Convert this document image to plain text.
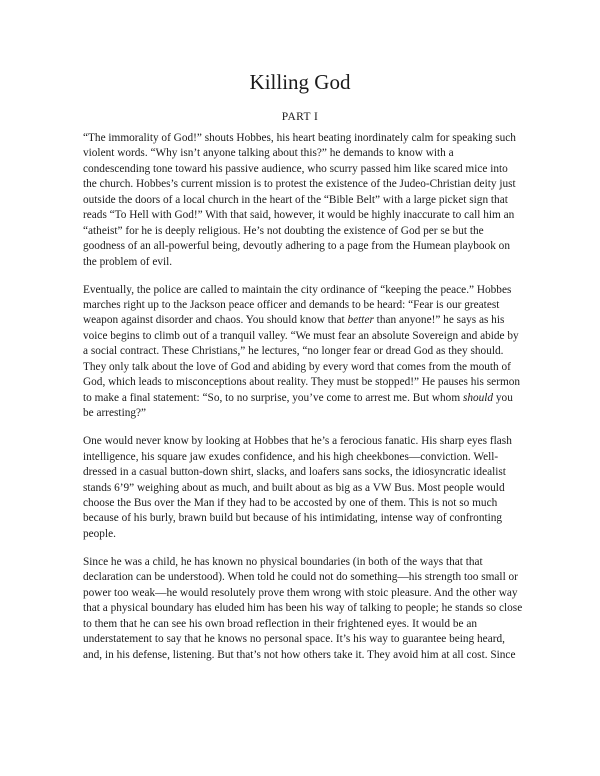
Killing God
PART I

“The immorality of God!” shouts Hobbes, his heart beating inordinately calm for speaking such violent words. “Why isn’t anyone talking about this?” he demands to know with a condescending tone toward his passive audience, who scurry passed him like scared mice into the church. Hobbes’s current mission is to protest the existence of the Judeo-Christian deity just outside the doors of a local church in the heart of the “Bible Belt” with a large picket sign that reads “To Hell with God!” With that said, however, it would be highly inaccurate to call him an “atheist” for he is deeply religious. He’s not doubting the existence of God per se but the goodness of an all-powerful being, devoutly adhering to a page from the Humean playbook on the problem of evil.

Eventually, the police are called to maintain the city ordinance of “keeping the peace.” Hobbes marches right up to the Jackson peace officer and demands to be heard: “Fear is our greatest weapon against disorder and chaos. You should know that better than anyone!” he says as his voice begins to climb out of a tranquil valley. “We must fear an absolute Sovereign and abide by a social contract. These Christians,” he lectures, “no longer fear or dread God as they should. They only talk about the love of God and abiding by every word that comes from the mouth of God, which leads to misconceptions about reality. They must be stopped!” He pauses his sermon to make a final statement: “So, to no surprise, you’ve come to arrest me. But whom should you be arresting?”

One would never know by looking at Hobbes that he’s a ferocious fanatic. His sharp eyes flash intelligence, his square jaw exudes confidence, and his high cheekbones—conviction. Well-dressed in a casual button-down shirt, slacks, and loafers sans socks, the idiosyncratic idealist stands 6’9” weighing about as much, and built about as big as a VW Bus. Most people would choose the Bus over the Man if they had to be accosted by one of them. This is not so much because of his burly, brawn build but because of his intimidating, intense way of confronting people.

Since he was a child, he has known no physical boundaries (in both of the ways that that declaration can be understood). When told he could not do something—his strength too small or power too weak—he would resolutely prove them wrong with stoic pleasure. And the other way that a physical boundary has eluded him has been his way of talking to people; he stands so close to them that he can see his own broad reflection in their frightened eyes. It would be an understatement to say that he knows no personal space. It’s his way to guarantee being heard, and, in his defense, listening. But that’s not how others take it. They avoid him at all cost. Since
